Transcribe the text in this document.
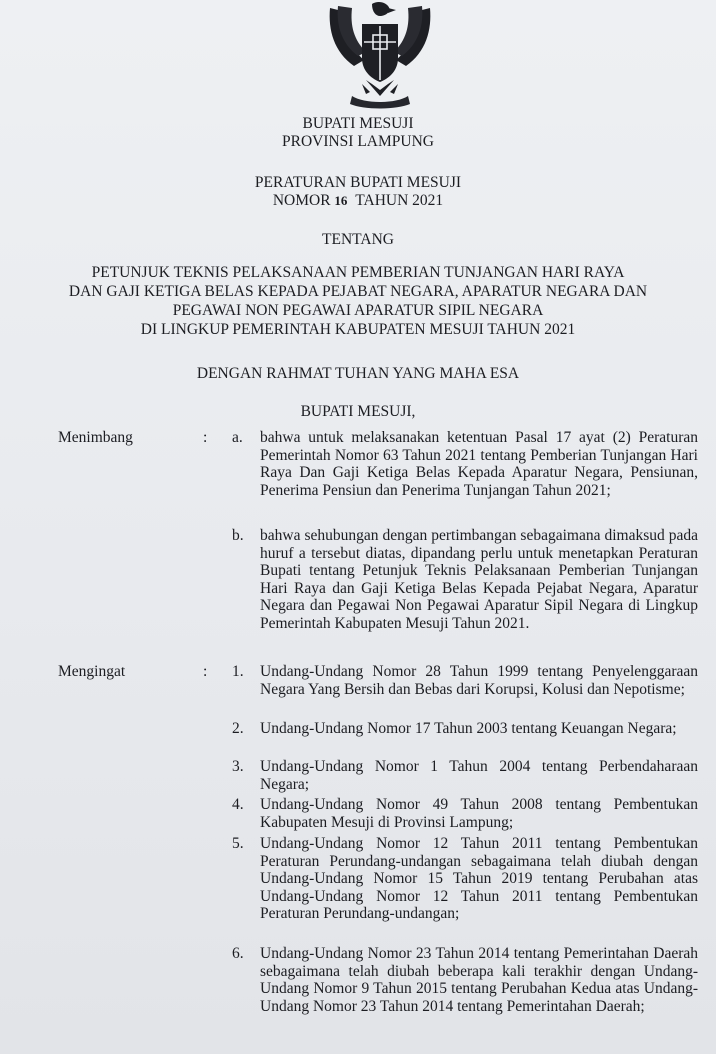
BUPATI MESUJI
PROVINSI LAMPUNG
PERATURAN BUPATI MESUJI
NOMOR 16 TAHUN 2021
TENTANG
PETUNJUK TEKNIS PELAKSANAAN PEMBERIAN TUNJANGAN HARI RAYA
DAN GAJI KETIGA BELAS KEPADA PEJABAT NEGARA, APARATUR NEGARA DAN
PEGAWAI NON PEGAWAI APARATUR SIPIL NEGARA
DI LINGKUP PEMERINTAH KABUPATEN MESUJI TAHUN 2021
DENGAN RAHMAT TUHAN YANG MAHA ESA
BUPATI MESUJI,
Menimbang	: a. bahwa untuk melaksanakan ketentuan Pasal 17 ayat (2) Peraturan Pemerintah Nomor 63 Tahun 2021 tentang Pemberian Tunjangan Hari Raya Dan Gaji Ketiga Belas Kepada Aparatur Negara, Pensiunan, Penerima Pensiun dan Penerima Tunjangan Tahun 2021;
b. bahwa sehubungan dengan pertimbangan sebagaimana dimaksud pada huruf a tersebut diatas, dipandang perlu untuk menetapkan Peraturan Bupati tentang Petunjuk Teknis Pelaksanaan Pemberian Tunjangan Hari Raya dan Gaji Ketiga Belas Kepada Pejabat Negara, Aparatur Negara dan Pegawai Non Pegawai Aparatur Sipil Negara di Lingkup Pemerintah Kabupaten Mesuji Tahun 2021.
Mengingat	: 1. Undang-Undang Nomor 28 Tahun 1999 tentang Penyelenggaraan Negara Yang Bersih dan Bebas dari Korupsi, Kolusi dan Nepotisme;
2. Undang-Undang Nomor 17 Tahun 2003 tentang Keuangan Negara;
3. Undang-Undang Nomor 1 Tahun 2004 tentang Perbendaharaan Negara;
4. Undang-Undang Nomor 49 Tahun 2008 tentang Pembentukan Kabupaten Mesuji di Provinsi Lampung;
5. Undang-Undang Nomor 12 Tahun 2011 tentang Pembentukan Peraturan Perundang-undangan sebagaimana telah diubah dengan Undang-Undang Nomor 15 Tahun 2019 tentang Perubahan atas Undang-Undang Nomor 12 Tahun 2011 tentang Pembentukan Peraturan Perundang-undangan;
6. Undang-Undang Nomor 23 Tahun 2014 tentang Pemerintahan Daerah sebagaimana telah diubah beberapa kali terakhir dengan Undang-Undang Nomor 9 Tahun 2015 tentang Perubahan Kedua atas Undang-Undang Nomor 23 Tahun 2014 tentang Pemerintahan Daerah;
